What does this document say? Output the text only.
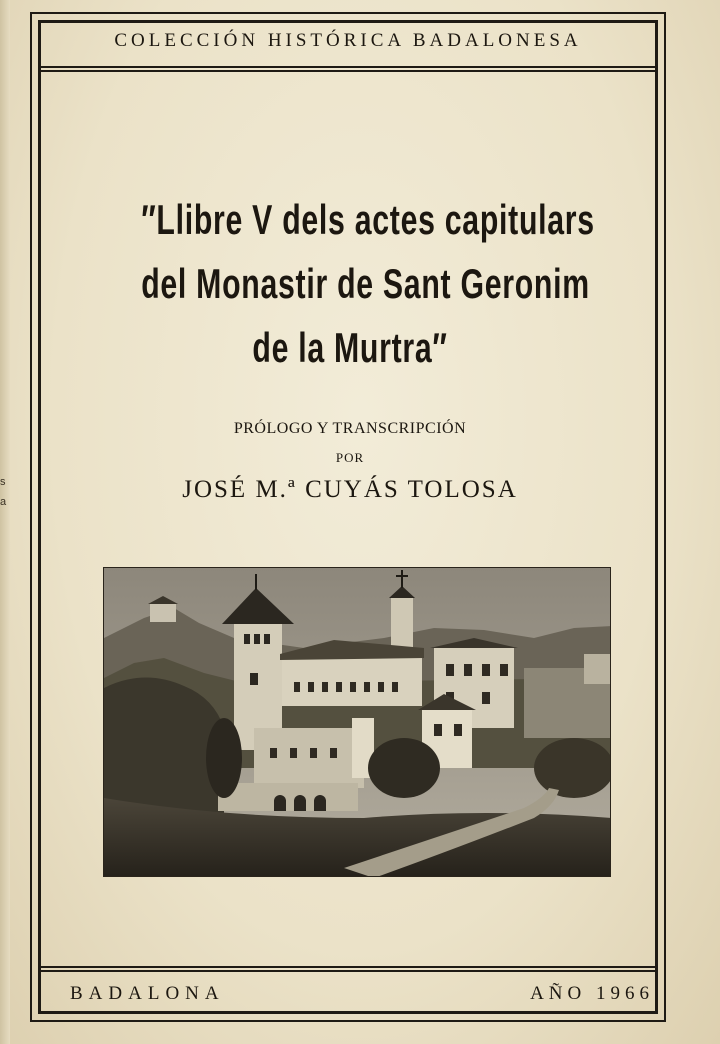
s
a
COLECCIÓN HISTÓRICA BADALONESA
″Llibre V dels actes capitulars
del Monastir de Sant Geronim
de la Murtra″
PRÓLOGO Y TRANSCRIPCIÓN
POR
JOSÉ M.ª CUYÁS TOLOSA
BADALONA	AÑO 1966
